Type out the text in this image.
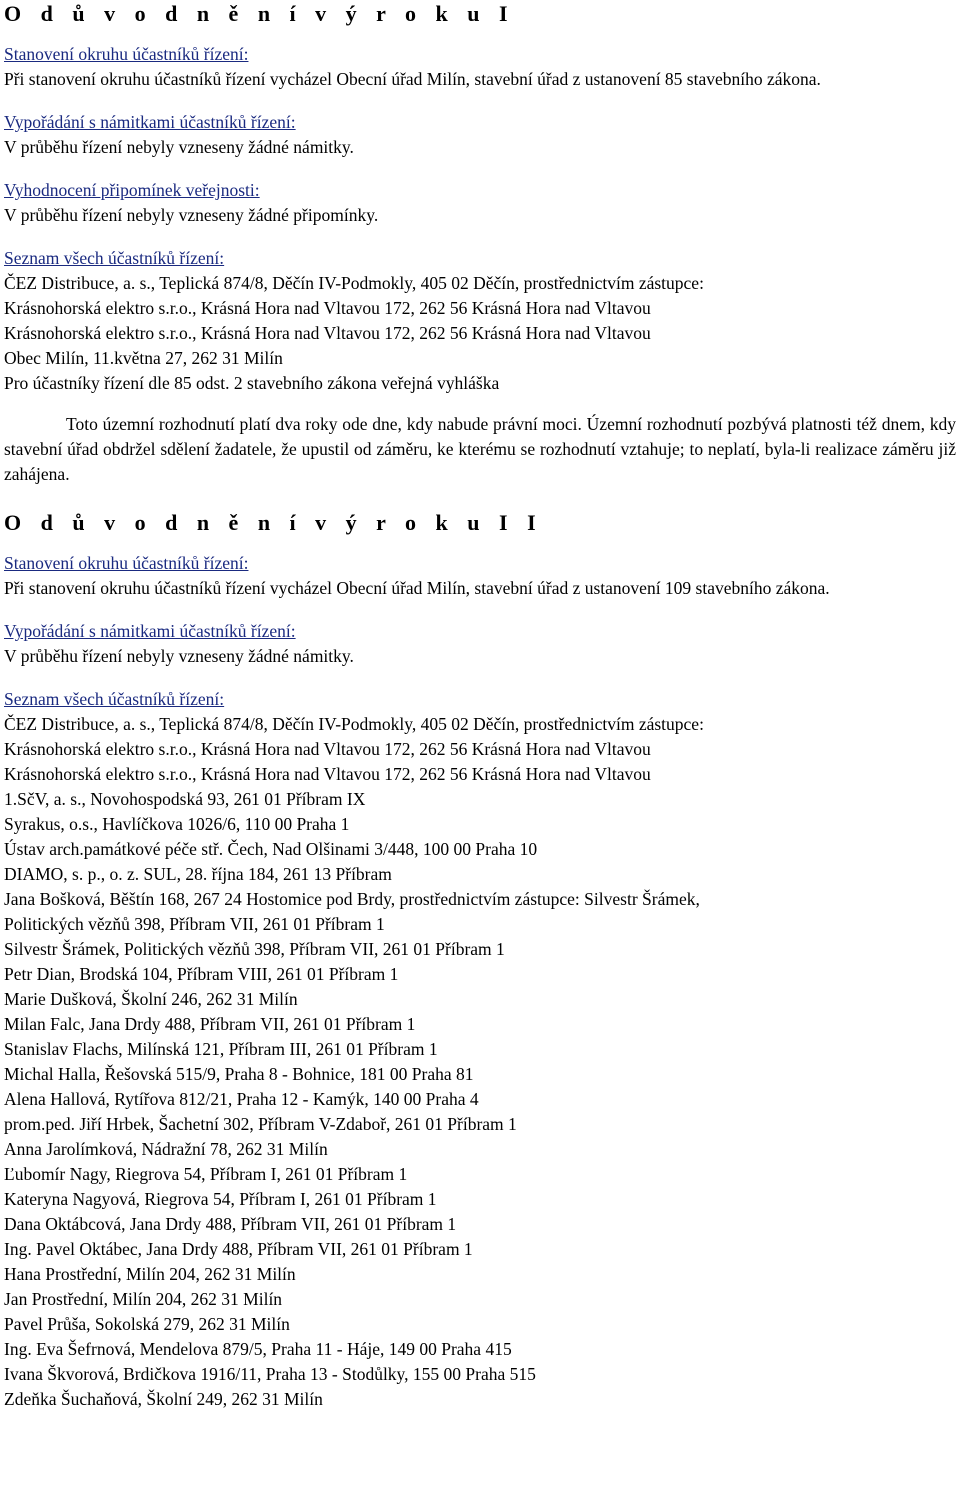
O d ů v o d n ě n í v ý r o k u I
Stanovení okruhu účastníků řízení:
Při stanovení okruhu účastníků řízení vycházel Obecní úřad Milín, stavební úřad z ustanovení 85 stavebního zákona.
Vypořádání s námitkami účastníků řízení:
V průběhu řízení nebyly vzneseny žádné námitky.
Vyhodnocení připomínek veřejnosti:
V průběhu řízení nebyly vzneseny žádné připomínky.
Seznam všech účastníků řízení:
ČEZ Distribuce, a. s., Teplická 874/8, Děčín IV-Podmokly, 405 02 Děčín, prostřednictvím zástupce:
Krásnohorská elektro s.r.o., Krásná Hora nad Vltavou 172, 262 56 Krásná Hora nad Vltavou
Krásnohorská elektro s.r.o., Krásná Hora nad Vltavou 172, 262 56 Krásná Hora nad Vltavou
Obec Milín, 11.května 27, 262 31 Milín
Pro účastníky řízení dle 85 odst. 2 stavebního zákona veřejná vyhláška
Toto územní rozhodnutí platí dva roky ode dne, kdy nabude právní moci. Územní rozhodnutí pozbývá platnosti též dnem, kdy stavební úřad obdržel sdělení žadatele, že upustil od záměru, ke kterému se rozhodnutí vztahuje; to neplatí, byla-li realizace záměru již zahájena.
O d ů v o d n ě n í v ý r o k u I I
Stanovení okruhu účastníků řízení:
Při stanovení okruhu účastníků řízení vycházel Obecní úřad Milín, stavební úřad z ustanovení 109 stavebního zákona.
Vypořádání s námitkami účastníků řízení:
V průběhu řízení nebyly vzneseny žádné námitky.
Seznam všech účastníků řízení:
ČEZ Distribuce, a. s., Teplická 874/8, Děčín IV-Podmokly, 405 02 Děčín, prostřednictvím zástupce:
Krásnohorská elektro s.r.o., Krásná Hora nad Vltavou 172, 262 56 Krásná Hora nad Vltavou
Krásnohorská elektro s.r.o., Krásná Hora nad Vltavou 172, 262 56 Krásná Hora nad Vltavou
1.SčV, a. s., Novohospodská 93, 261 01 Příbram IX
Syrakus, o.s., Havlíčkova 1026/6, 110 00 Praha 1
Ústav arch.památkové péče stř. Čech, Nad Olšinami 3/448, 100 00 Praha 10
DIAMO, s. p., o. z. SUL, 28. října 184, 261 13 Příbram
Jana Bošková, Běštín 168, 267 24 Hostomice pod Brdy, prostřednictvím zástupce: Silvestr Šrámek,
Politických vězňů 398, Příbram VII, 261 01 Příbram 1
Silvestr Šrámek, Politických vězňů 398, Příbram VII, 261 01 Příbram 1
Petr Dian, Brodská 104, Příbram VIII, 261 01 Příbram 1
Marie Dušková, Školní 246, 262 31 Milín
Milan Falc, Jana Drdy 488, Příbram VII, 261 01 Příbram 1
Stanislav Flachs, Milínská 121, Příbram III, 261 01 Příbram 1
Michal Halla, Řešovská 515/9, Praha 8 - Bohnice, 181 00 Praha 81
Alena Hallová, Rytířova 812/21, Praha 12 - Kamýk, 140 00 Praha 4
prom.ped. Jiří Hrbek, Šachetní 302, Příbram V-Zdaboř, 261 01 Příbram 1
Anna Jarolímková, Nádražní 78, 262 31 Milín
Ľubomír Nagy, Riegrova 54, Příbram I, 261 01 Příbram 1
Kateryna Nagyová, Riegrova 54, Příbram I, 261 01 Příbram 1
Dana Oktábcová, Jana Drdy 488, Příbram VII, 261 01 Příbram 1
Ing. Pavel Oktábec, Jana Drdy 488, Příbram VII, 261 01 Příbram 1
Hana Prostřední, Milín 204, 262 31 Milín
Jan Prostřední, Milín 204, 262 31 Milín
Pavel Průša, Sokolská 279, 262 31 Milín
Ing. Eva Šefrnová, Mendelova 879/5, Praha 11 - Háje, 149 00 Praha 415
Ivana Škvorová, Brdičkova 1916/11, Praha 13 - Stodůlky, 155 00 Praha 515
Zdeňka Šuchaňová, Školní 249, 262 31 Milín
